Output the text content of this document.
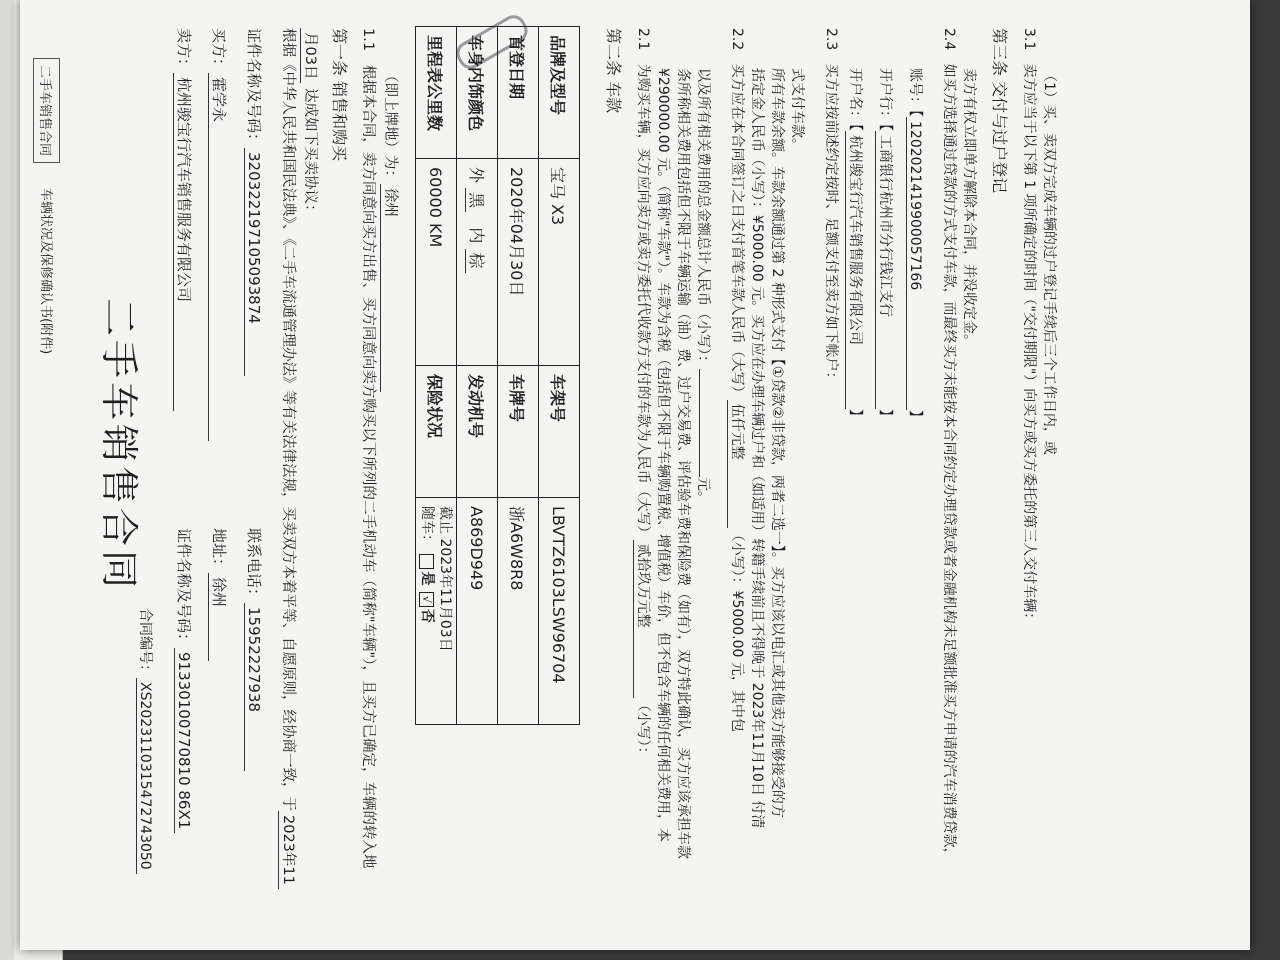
二手车销售合同
车辆状况及保修确认书(附件)
二手车销售合同
合同编号：XS20231103154727430​50
卖方：杭州骏宝行汽车销售服务有限公司
证件名称及号码：91330100770810 86X1
买方：霍学永
地址：徐州
证件名称及号码：320322197105093874
联系电话：15952227938 根据《中华人民共和国民法典》、《二手车流通管理办法》等有关法律法规，买卖双方本着平等、自愿原则，经协商一致，于2023年11
月03日 达成如下买卖协议： 第一条 销售和购买 1.1   根据本合同，卖方同意向买方出售、买方同意向卖方购买以下所列的二手机动车（简称"车辆"），且买方已确定，车辆的转入地 （即上牌地）为：徐州
品牌及型号	宝马 X3	车架号	LBVTZ6103LSW96704
首登日期	2020年04月30日	车牌号	浙A6W8R8
车身内饰颜色	外 黑   内 棕	发动机号	A869D949
里程表公里数	60000 KM	保险状况	截止 2023年11月03日
随车： 是 √否
第二条 车款 2.1   为购买车辆，买方应向卖方或卖方委托代收款方支付的车款为人民币（大写）贰拾玖万元整（小写）： ¥290000.00 元。（简称"车款"）。车款为含税（包括但不限于车辆购置税、增值税）车价，但不包含车辆的任何相关费用，本 条所称相关费用包括但不限于车辆运输（油）费、过户交易费、评估验车费和保险费（如有），双方特此确认，买方应该承担车款 以及所有相关费用的总金额总计人民币（小写）：元。
2.2   买方应在本合同签订之日支付首笔车款人民币（大写）伍仟元整（小写）：¥5000.00 元，其中包 括定金人民币（小写）：¥5000.00 元。买方应在办理车辆过户和（如适用）转籍手续前且不得晚于 2023年11月10日 付清 所有车款余额。车款余额通过第 2 种形式支付【①贷款②非贷款，两者二选一】。买方应该以电汇或其他卖方能够接受的方 式支付车款。
2.3   买方应按前述约定按时、足额支付至卖方如下帐户： 开户名：【杭州骏宝行汽车销售服务有限公司】
开户行：【工商银行杭州市分行钱江支行】
账号：【1202021419900057166】
2.4   如买方选择通过贷款的方式支付车款，而最终买方未能按本合同约定办理贷款或者金融机构未足额批准买方申请的汽车消费贷款， 卖方有权立即单方解除本合同，并没收定金。 第三条 交付与过户登记 3.1   卖方应当于以下第 1 项所确定的时间（"交付期限"）向买方或买方委托的第三人交付车辆： （1）买、卖双方完成车辆的过户登记手续后三个工作日内，或
